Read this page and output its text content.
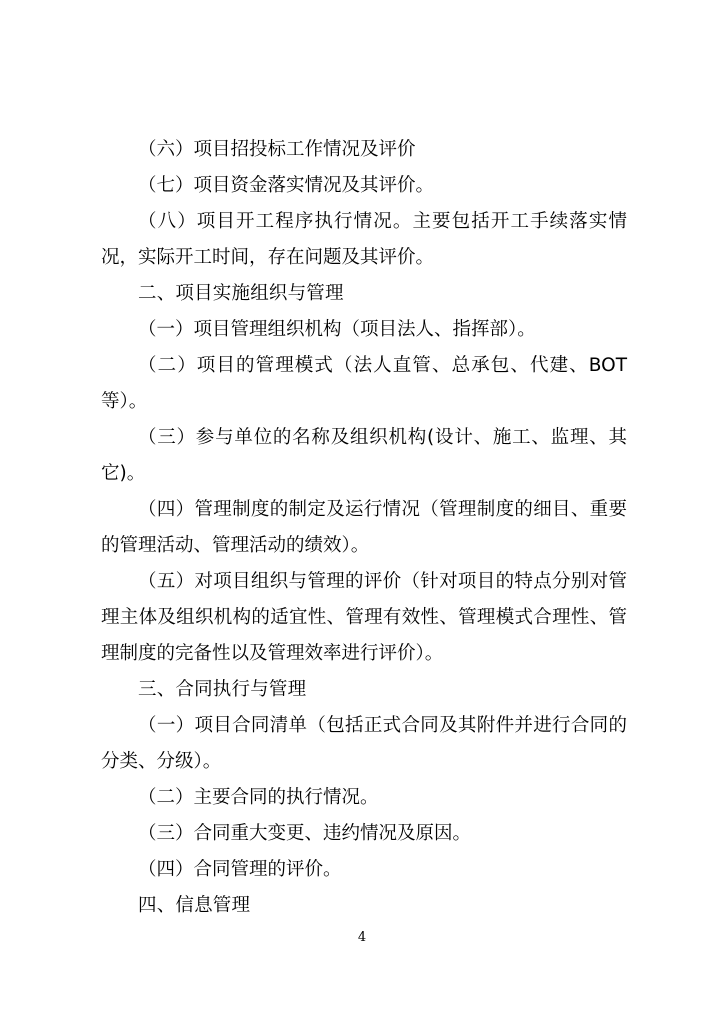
（六）项目招投标工作情况及评价

（七）项目资金落实情况及其评价。

（八）项目开工程序执行情况。主要包括开工手续落实情况，实际开工时间，存在问题及其评价。

二、项目实施组织与管理

（一）项目管理组织机构（项目法人、指挥部）。

（二）项目的管理模式（法人直管、总承包、代建、BOT等）。

（三）参与单位的名称及组织机构(设计、施工、监理、其它)。

（四）管理制度的制定及运行情况（管理制度的细目、重要的管理活动、管理活动的绩效）。

（五）对项目组织与管理的评价（针对项目的特点分别对管理主体及组织机构的适宜性、管理有效性、管理模式合理性、管理制度的完备性以及管理效率进行评价）。

三、合同执行与管理

（一）项目合同清单（包括正式合同及其附件并进行合同的分类、分级）。

（二）主要合同的执行情况。

（三）合同重大变更、违约情况及原因。

（四）合同管理的评价。

四、信息管理

4
